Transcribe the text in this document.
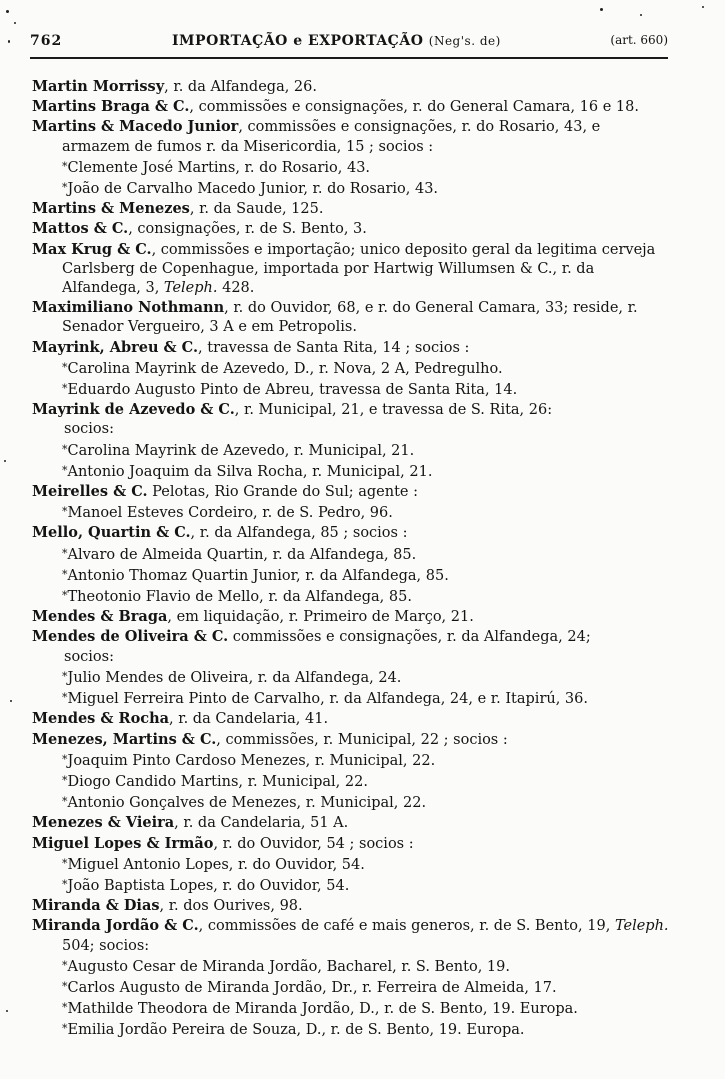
762	IMPORTAÇÃO e EXPORTAÇÃO (Neg's. de)	(art. 660)

Martin Morrissy, r. da Alfandega, 26.

Martins Braga & C., commissões e consignações, r. do General Camara, 16 e 18.

Martins & Macedo Junior, commissões e consignações, r. do Rosario, 43, e armazem de fumos r. da Misericordia, 15 ; socios :

*Clemente José Martins, r. do Rosario, 43.

*João de Carvalho Macedo Junior, r. do Rosario, 43.

Martins & Menezes, r. da Saude, 125.

Mattos & C., consignações, r. de S. Bento, 3.

Max Krug & C., commissões e importação; unico deposito geral da legitima cerveja Carlsberg de Copenhague, importada por Hartwig Willumsen & C., r. da Alfandega, 3, Teleph. 428.

Maximiliano Nothmann, r. do Ouvidor, 68, e r. do General Camara, 33; reside, r. Senador Vergueiro, 3 A e em Petropolis.

Mayrink, Abreu & C., travessa de Santa Rita, 14 ; socios :

*Carolina Mayrink de Azevedo, D., r. Nova, 2 A, Pedregulho.

*Eduardo Augusto Pinto de Abreu, travessa de Santa Rita, 14.

Mayrink de Azevedo & C., r. Municipal, 21, e travessa de S. Rita, 26:

socios:

*Carolina Mayrink de Azevedo, r. Municipal, 21.

*Antonio Joaquim da Silva Rocha, r. Municipal, 21.

Meirelles & C. Pelotas, Rio Grande do Sul; agente :

*Manoel Esteves Cordeiro, r. de S. Pedro, 96.

Mello, Quartin & C., r. da Alfandega, 85 ; socios :

*Alvaro de Almeida Quartin, r. da Alfandega, 85.

*Antonio Thomaz Quartin Junior, r. da Alfandega, 85.

*Theotonio Flavio de Mello, r. da Alfandega, 85.

Mendes & Braga, em liquidação, r. Primeiro de Março, 21.

Mendes de Oliveira & C. commissões e consignações, r. da Alfandega, 24;

socios:

*Julio Mendes de Oliveira, r. da Alfandega, 24.

*Miguel Ferreira Pinto de Carvalho, r. da Alfandega, 24, e r. Itapirú, 36.

Mendes & Rocha, r. da Candelaria, 41.

Menezes, Martins & C., commissões, r. Municipal, 22 ; socios :

*Joaquim Pinto Cardoso Menezes, r. Municipal, 22.

*Diogo Candido Martins, r. Municipal, 22.

*Antonio Gonçalves de Menezes, r. Municipal, 22.

Menezes & Vieira, r. da Candelaria, 51 A.

Miguel Lopes & Irmão, r. do Ouvidor, 54 ; socios :

*Miguel Antonio Lopes, r. do Ouvidor, 54.

*João Baptista Lopes, r. do Ouvidor, 54.

Miranda & Dias, r. dos Ourives, 98.

Miranda Jordão & C., commissões de café e mais generos, r. de S. Bento, 19, Teleph. 504; socios:

*Augusto Cesar de Miranda Jordão, Bacharel, r. S. Bento, 19.

*Carlos Augusto de Miranda Jordão, Dr., r. Ferreira de Almeida, 17.

*Mathilde Theodora de Miranda Jordão, D., r. de S. Bento, 19. Europa.

*Emilia Jordão Pereira de Souza, D., r. de S. Bento, 19. Europa.
